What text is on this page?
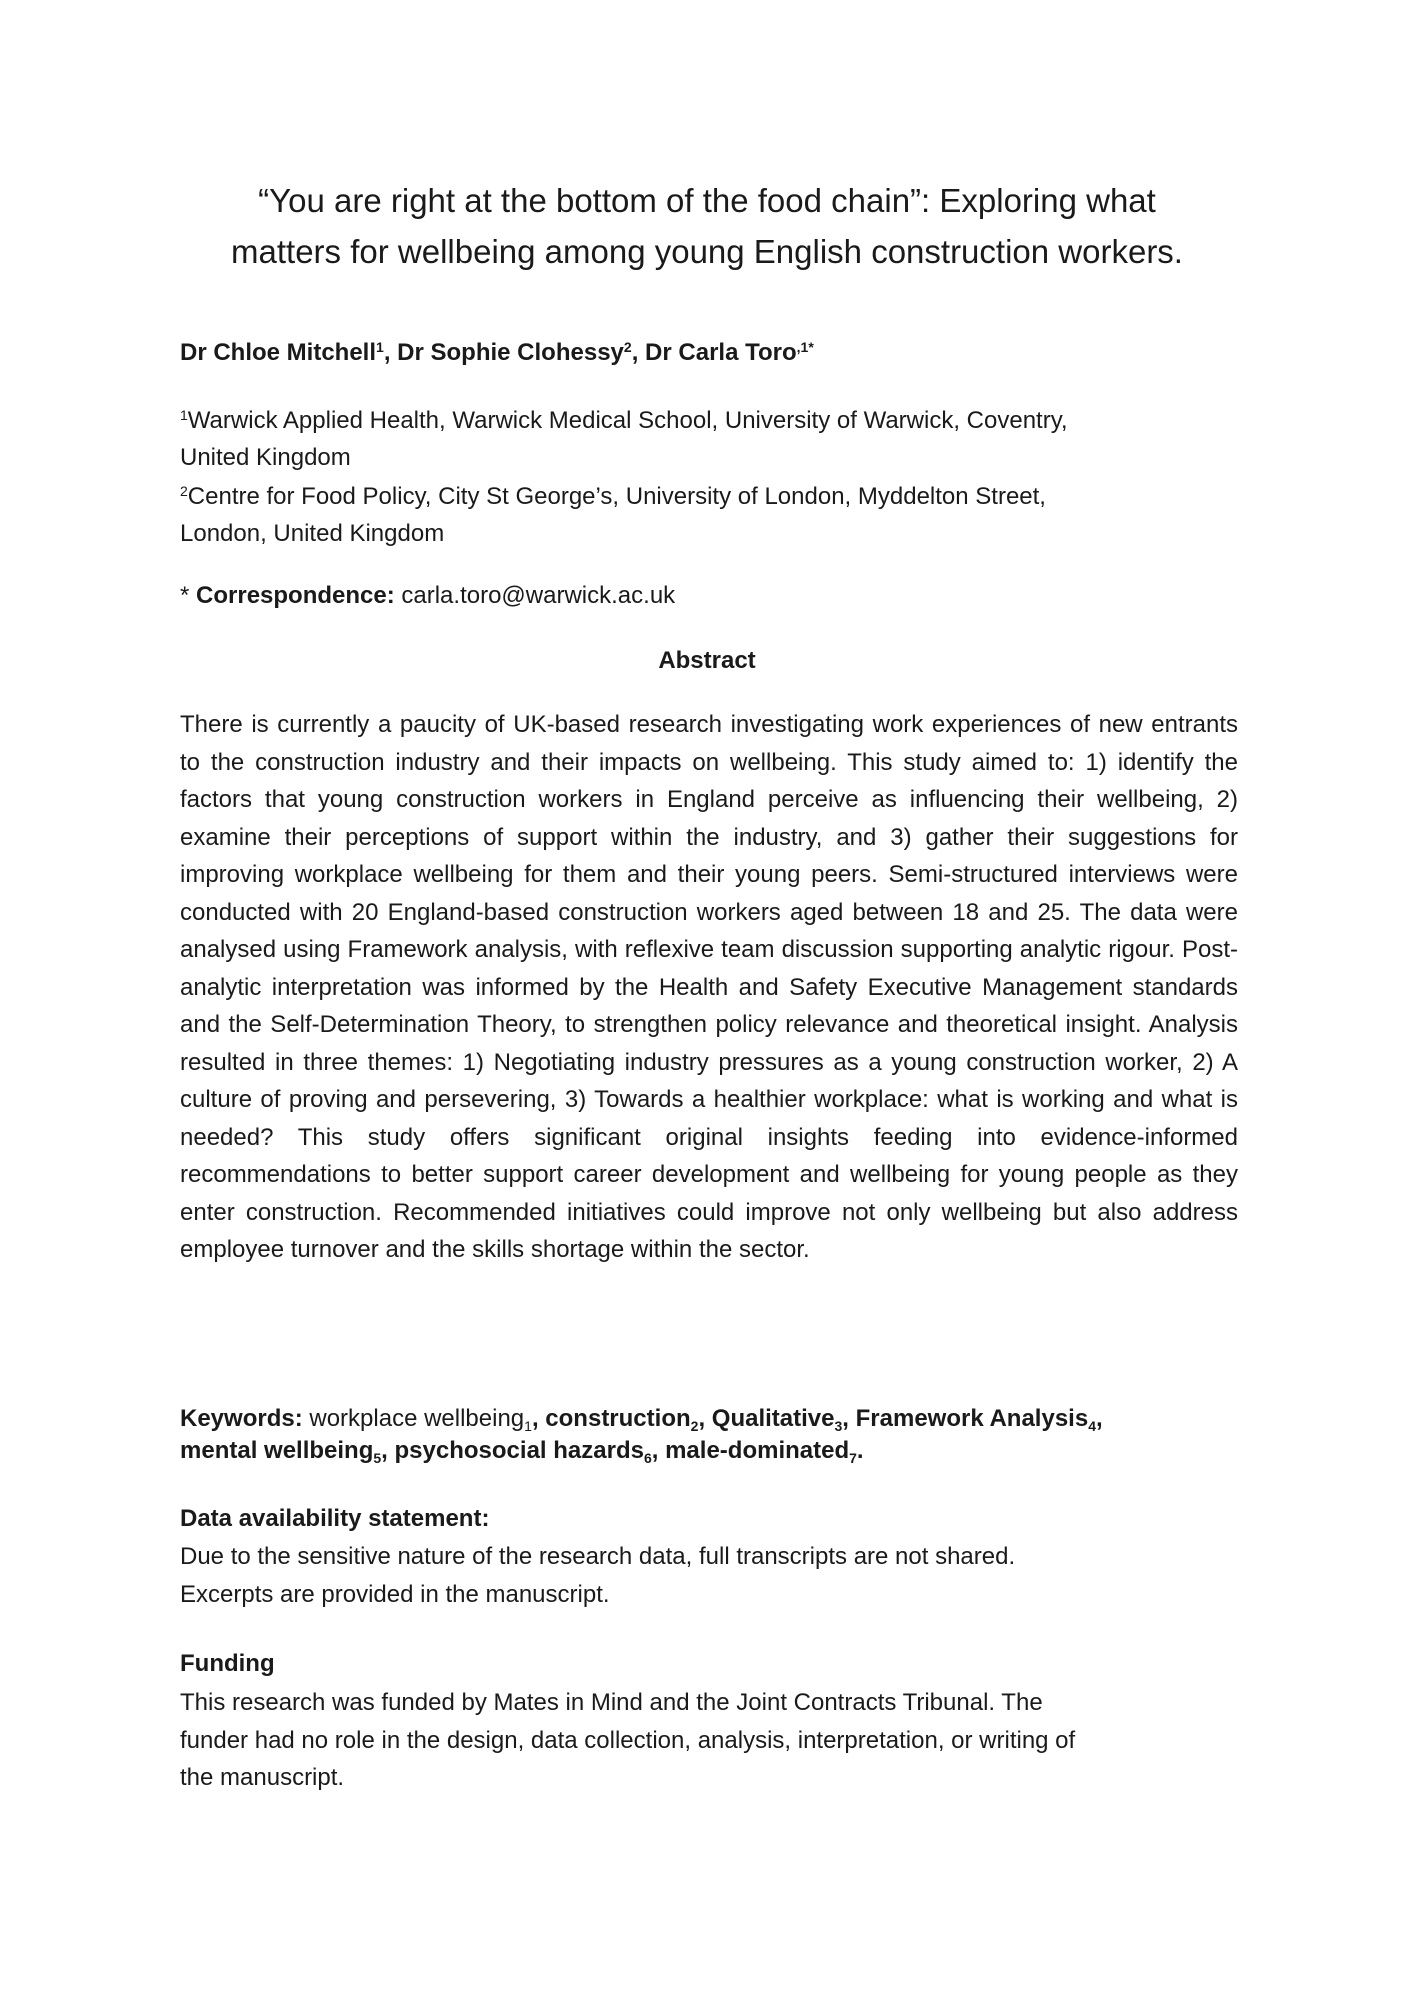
“You are right at the bottom of the food chain”: Exploring what
matters for wellbeing among young English construction workers.

Dr Chloe Mitchell$^1$, Dr Sophie Clohessy$^2$, Dr Carla Toro$^{,1*}$

$^1$Warwick Applied Health, Warwick Medical School, University of Warwick, Coventry,
United Kingdom

$^2$Centre for Food Policy, City St George’s, University of London, Myddelton Street,
London, United Kingdom

* Correspondence: carla.toro@warwick.ac.uk

Abstract

There is currently a paucity of UK-based research investigating work experiences of new entrants to the construction industry and their impacts on wellbeing. This study aimed to: 1) identify the factors that young construction workers in England perceive as influencing their wellbeing, 2) examine their perceptions of support within the industry, and 3) gather their suggestions for improving workplace wellbeing for them and their young peers. Semi-structured interviews were conducted with 20 England-based construction workers aged between 18 and 25. The data were analysed using Framework analysis, with reflexive team discussion supporting analytic rigour. Post-analytic interpretation was informed by the Health and Safety Executive Management standards and the Self-Determination Theory, to strengthen policy relevance and theoretical insight. Analysis resulted in three themes: 1) Negotiating industry pressures as a young construction worker, 2) A culture of proving and persevering, 3) Towards a healthier workplace: what is working and what is needed? This study offers significant original insights feeding into evidence-informed recommendations to better support career development and wellbeing for young people as they enter construction. Recommended initiatives could improve not only wellbeing but also address employee turnover and the skills shortage within the sector.

Keywords: workplace wellbeing$_1$, construction$_2$, Qualitative$_3$, Framework Analysis$_4$,
mental wellbeing$_5$, psychosocial hazards$_6$, male-dominated$_7$.

Data availability statement:

Due to the sensitive nature of the research data, full transcripts are not shared.
Excerpts are provided in the manuscript.

Funding

This research was funded by Mates in Mind and the Joint Contracts Tribunal. The
funder had no role in the design, data collection, analysis, interpretation, or writing of
the manuscript.
